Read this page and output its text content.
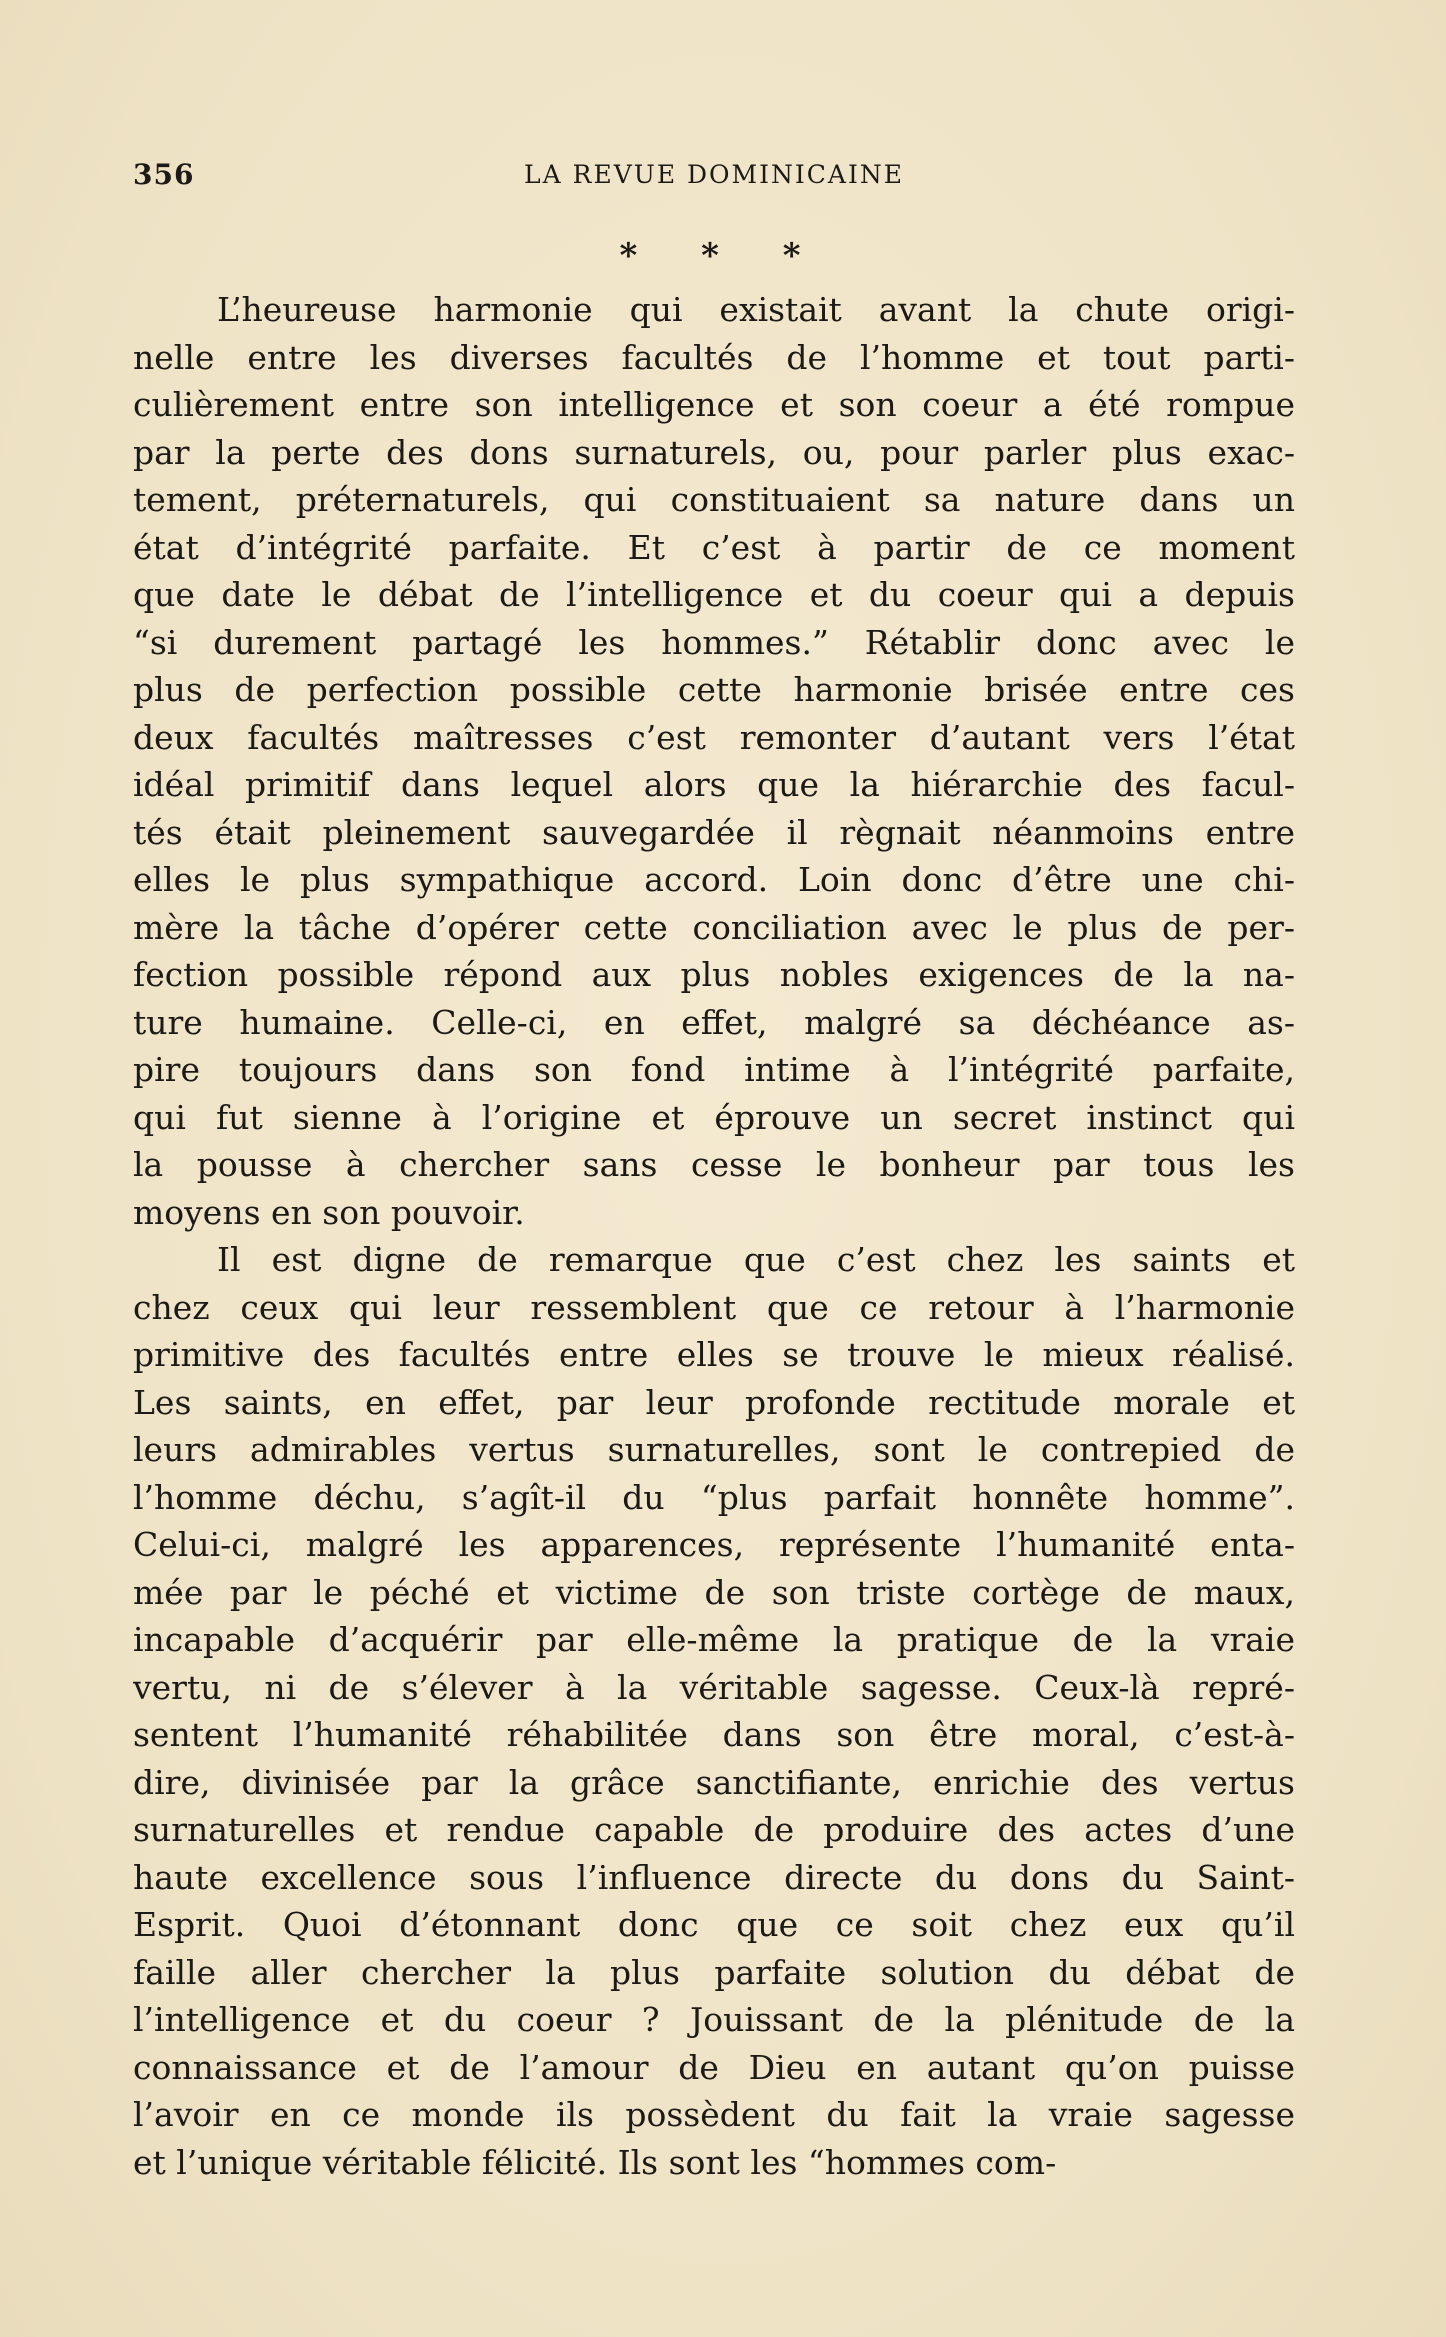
356	LA REVUE DOMINICAINE
* * *
L’heureuse harmonie qui existait avant la chute origi-
nelle entre les diverses facultés de l’homme et tout parti-
culièrement entre son intelligence et son coeur a été rompue
par la perte des dons surnaturels, ou, pour parler plus exac-
tement, préternaturels, qui constituaient sa nature dans un
état d’intégrité parfaite. Et c’est à partir de ce moment
que date le débat de l’intelligence et du coeur qui a depuis
“si durement partagé les hommes.” Rétablir donc avec le
plus de perfection possible cette harmonie brisée entre ces
deux facultés maîtresses c’est remonter d’autant vers l’état
idéal primitif dans lequel alors que la hiérarchie des facul-
tés était pleinement sauvegardée il règnait néanmoins entre
elles le plus sympathique accord. Loin donc d’être une chi-
mère la tâche d’opérer cette conciliation avec le plus de per-
fection possible répond aux plus nobles exigences de la na-
ture humaine. Celle-ci, en effet, malgré sa déchéance as-
pire toujours dans son fond intime à l’intégrité parfaite,
qui fut sienne à l’origine et éprouve un secret instinct qui
la pousse à chercher sans cesse le bonheur par tous les
moyens en son pouvoir.
Il est digne de remarque que c’est chez les saints et
chez ceux qui leur ressemblent que ce retour à l’harmonie
primitive des facultés entre elles se trouve le mieux réalisé.
Les saints, en effet, par leur profonde rectitude morale et
leurs admirables vertus surnaturelles, sont le contrepied de
l’homme déchu, s’agît-il du “plus parfait honnête homme”.
Celui-ci, malgré les apparences, représente l’humanité enta-
mée par le péché et victime de son triste cortège de maux,
incapable d’acquérir par elle-même la pratique de la vraie
vertu, ni de s’élever à la véritable sagesse. Ceux-là repré-
sentent l’humanité réhabilitée dans son être moral, c’est-à-
dire, divinisée par la grâce sanctifiante, enrichie des vertus
surnaturelles et rendue capable de produire des actes d’une
haute excellence sous l’influence directe du dons du Saint-
Esprit. Quoi d’étonnant donc que ce soit chez eux qu’il
faille aller chercher la plus parfaite solution du débat de
l’intelligence et du coeur ? Jouissant de la plénitude de la
connaissance et de l’amour de Dieu en autant qu’on puisse
l’avoir en ce monde ils possèdent du fait la vraie sagesse
et l’unique véritable félicité. Ils sont les “hommes com-
